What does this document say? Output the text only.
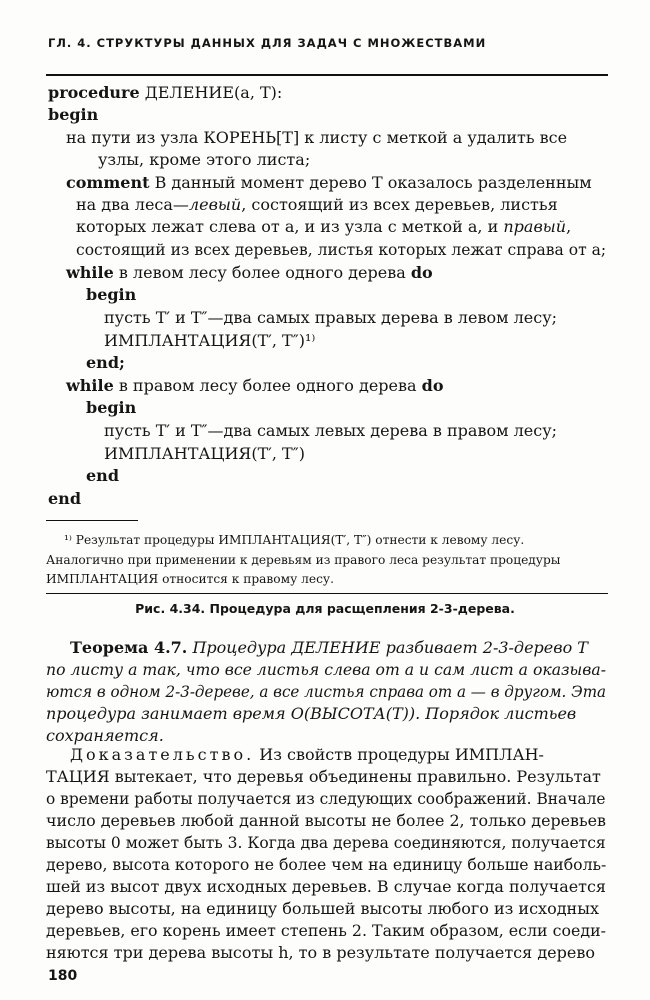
ГЛ. 4. СТРУКТУРЫ ДАННЫХ ДЛЯ ЗАДАЧ С МНОЖЕСТВАМИ
procedure ДЕЛЕНИЕ(a, T):
begin
на пути из узла КОРЕНЬ[T] к листу с меткой a удалить все
узлы, кроме этого листа;
comment В данный момент дерево T оказалось разделенным
на два леса—левый, состоящий из всех деревьев, листья
которых лежат слева от a, и из узла с меткой a, и правый,
состоящий из всех деревьев, листья которых лежат справа от a;
while в левом лесу более одного дерева do
begin
пусть T′ и T″—два самых правых дерева в левом лесу;
ИМПЛАНТАЦИЯ(T′, T″)¹⁾
end;
while в правом лесу более одного дерева do
begin
пусть T′ и T″—два самых левых дерева в правом лесу;
ИМПЛАНТАЦИЯ(T′, T″)
end
end
¹⁾ Результат процедуры ИМПЛАНТАЦИЯ(T′, T″) отнести к левому лесу.
Аналогично при применении к деревьям из правого леса результат процедуры
ИМПЛАНТАЦИЯ относится к правому лесу.
Рис. 4.34. Процедура для расщепления 2-3-дерева.
Теорема 4.7. Процедура ДЕЛЕНИЕ разбивает 2-3-дерево T
по листу a так, что все листья слева от a и сам лист a оказыва-
ются в одном 2-3-дереве, а все листья справа от a — в другом. Эта
процедура занимает время O(ВЫСОТА(T)). Порядок листьев
сохраняется.
Доказательство. Из свойств процедуры ИМПЛАН-
ТАЦИЯ вытекает, что деревья объединены правильно. Результат
о времени работы получается из следующих соображений. Вначале
число деревьев любой данной высоты не более 2, только деревьев
высоты 0 может быть 3. Когда два дерева соединяются, получается
дерево, высота которого не более чем на единицу больше наиболь-
шей из высот двух исходных деревьев. В случае когда получается
дерево высоты, на единицу большей высоты любого из исходных
деревьев, его корень имеет степень 2. Таким образом, если соеди-
няются три дерева высоты h, то в результате получается дерево
180
